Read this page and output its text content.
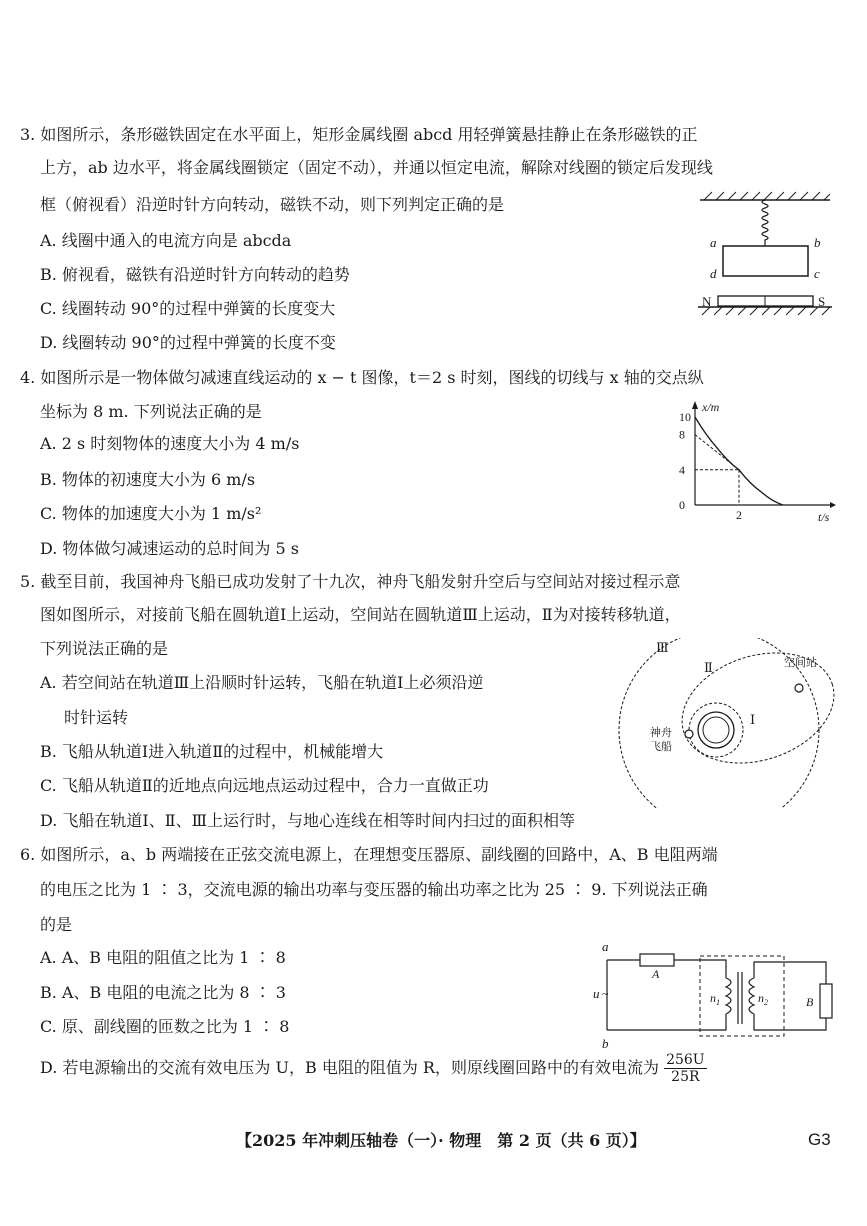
3. 如图所示，条形磁铁固定在水平面上，矩形金属线圈 abcd 用轻弹簧悬挂静止在条形磁铁的正
上方，ab 边水平，将金属线圈锁定（固定不动），并通以恒定电流，解除对线圈的锁定后发现线
框（俯视看）沿逆时针方向转动，磁铁不动，则下列判定正确的是
A. 线圈中通入的电流方向是 abcda
B. 俯视看，磁铁有沿逆时针方向转动的趋势
C. 线圈转动 90°的过程中弹簧的长度变大
D. 线圈转动 90°的过程中弹簧的长度不变
a	b
d	c
N	S
4. 如图所示是一物体做匀减速直线运动的 x − t 图像，t＝2 s 时刻，图线的切线与 x 轴的交点纵
坐标为 8 m. 下列说法正确的是
A. 2 s 时刻物体的速度大小为 4 m/s
B. 物体的初速度大小为 6 m/s
C. 物体的加速度大小为 1 m/s²
D. 物体做匀减速运动的总时间为 5 s
x/m
t/s
10
8
4
0
2
5. 截至目前，我国神舟飞船已成功发射了十九次，神舟飞船发射升空后与空间站对接过程示意
图如图所示，对接前飞船在圆轨道Ⅰ上运动，空间站在圆轨道Ⅲ上运动，Ⅱ为对接转移轨道，
下列说法正确的是
A. 若空间站在轨道Ⅲ上沿顺时针运转，飞船在轨道Ⅰ上必须沿逆
时针运转
B. 飞船从轨道Ⅰ进入轨道Ⅱ的过程中，机械能增大
C. 飞船从轨道Ⅱ的近地点向远地点运动过程中，合力一直做正功
D. 飞船在轨道Ⅰ、Ⅱ、Ⅲ上运行时，与地心连线在相等时间内扫过的面积相等
Ⅲ
Ⅱ
Ⅰ
空间站
神舟
飞船
6. 如图所示，a、b 两端接在正弦交流电源上，在理想变压器原、副线圈的回路中，A、B 电阻两端
的电压之比为 1 ∶ 3，交流电源的输出功率与变压器的输出功率之比为 25 ∶ 9. 下列说法正确
的是
A. A、B 电阻的阻值之比为 1 ∶ 8
B. A、B 电阻的电流之比为 8 ∶ 3
C. 原、副线圈的匝数之比为 1 ∶ 8
D. 若电源输出的交流有效电压为 U，B 电阻的阻值为 R，则原线圈回路中的有效电流为 $\frac{256U}{25R}$
a
b
u ~
A
$n_1$	$n_2$	B
【2025 年冲刺压轴卷（一）· 物理　第 2 页（共 6 页）】	G3
